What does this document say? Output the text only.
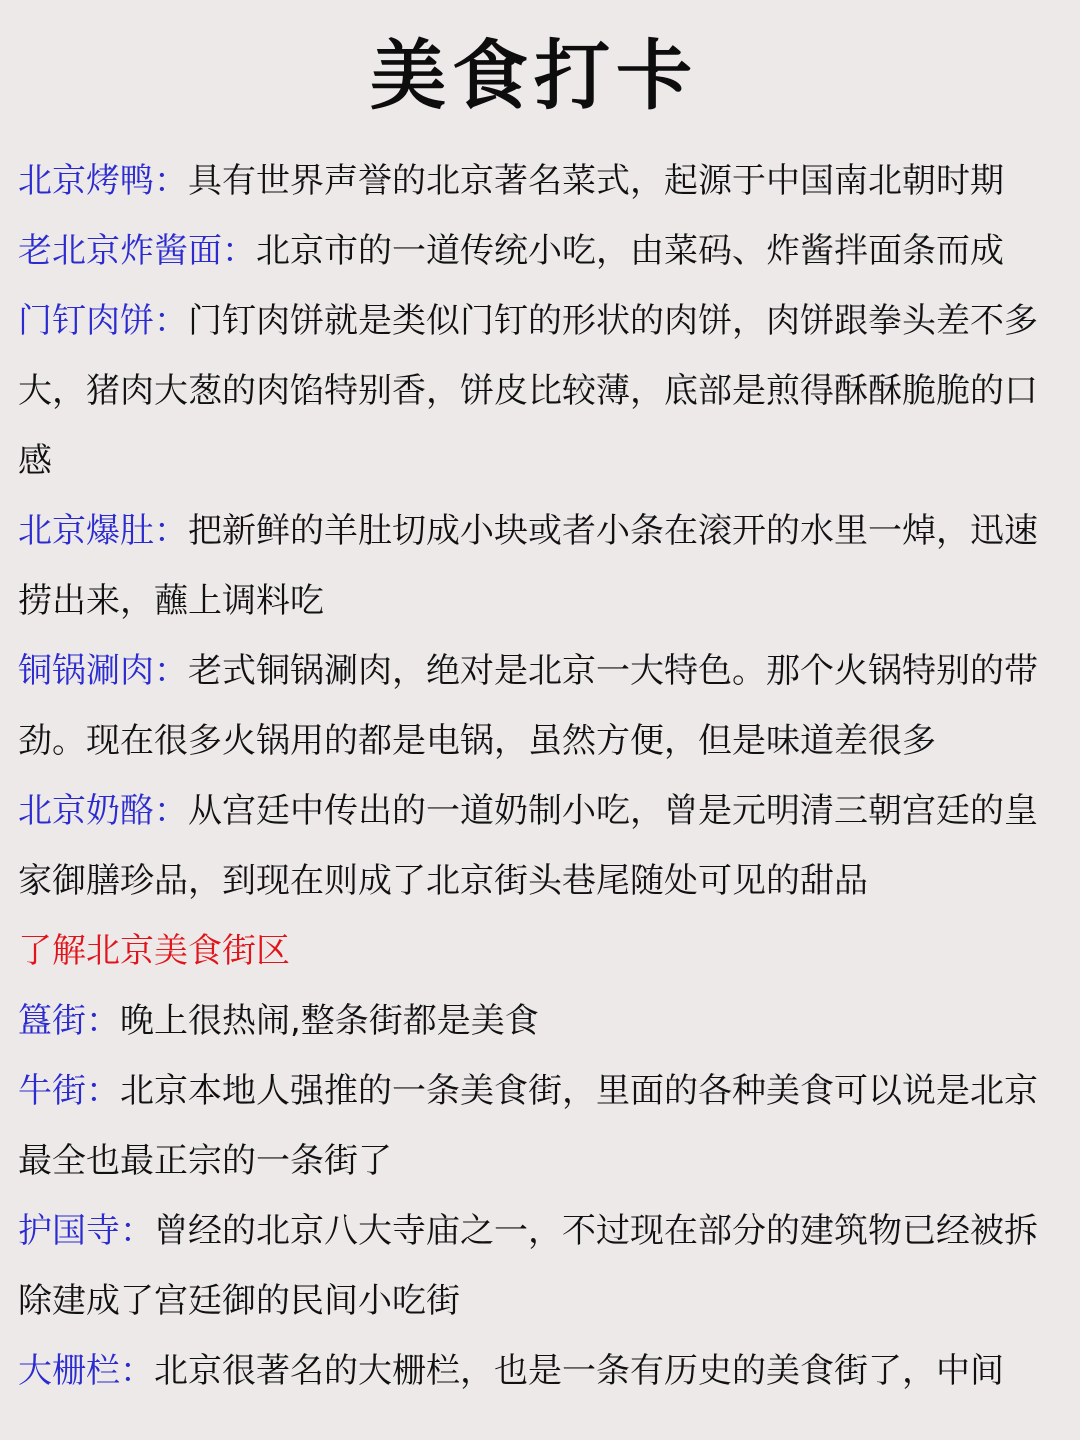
美食打卡

北京烤鸭：具有世界声誉的北京著名菜式，起源于中国南北朝时期

老北京炸酱面：北京市的一道传统小吃，由菜码、炸酱拌面条而成

门钉肉饼：门钉肉饼就是类似门钉的形状的肉饼，肉饼跟拳头差不多大，猪肉大葱的肉馅特别香，饼皮比较薄，底部是煎得酥酥脆脆的口感

北京爆肚：把新鲜的羊肚切成小块或者小条在滚开的水里一焯，迅速捞出来，蘸上调料吃

铜锅涮肉：老式铜锅涮肉，绝对是北京一大特色。那个火锅特别的带劲。现在很多火锅用的都是电锅，虽然方便，但是味道差很多

北京奶酪：从宫廷中传出的一道奶制小吃，曾是元明清三朝宫廷的皇家御膳珍品，到现在则成了北京街头巷尾随处可见的甜品

了解北京美食街区

簋街：晚上很热闹,整条街都是美食

牛街：北京本地人强推的一条美食街，里面的各种美食可以说是北京最全也最正宗的一条街了

护国寺：曾经的北京八大寺庙之一，不过现在部分的建筑物已经被拆除建成了宫廷御的民间小吃街

大栅栏：北京很著名的大栅栏，也是一条有历史的美食街了，中间
